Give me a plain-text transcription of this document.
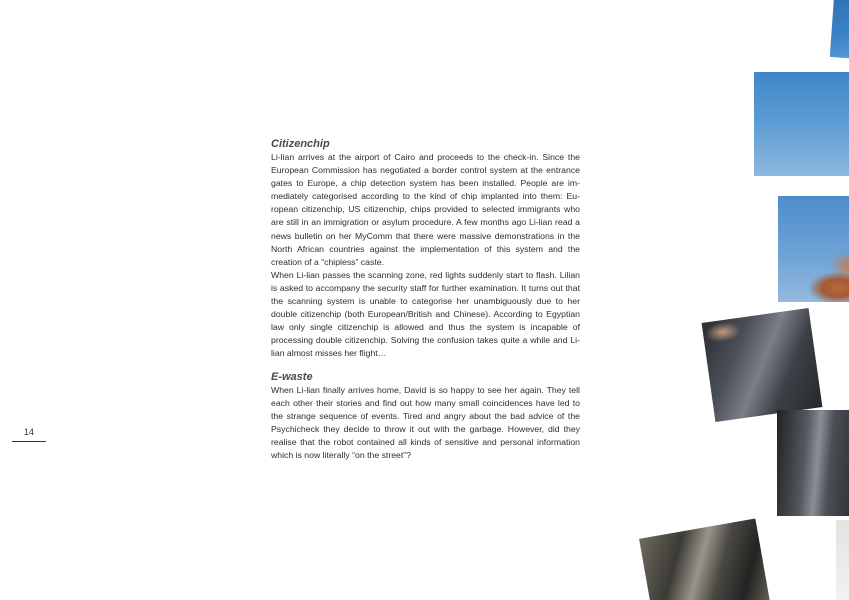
Citizenchip

Li-lian arrives at the airport of Cairo and proceeds to the check-in. Since the European Commission has negotiated a border control system at the entrance gates to Europe, a chip detection system has been installed. People are immediately categorised according to the kind of chip implanted into them: European citizenchip, US citizenchip, chips provided to selected immigrants who are still in an immigration or asylum procedure. A few months ago Li-lian read a news bulletin on her MyComm that there were massive demonstrations in the North African countries against the implementation of this system and the creation of a “chipless” caste.

When Li-lian passes the scanning zone, red lights suddenly start to flash. Lilian is asked to accompany the security staff for further examination. It turns out that the scanning system is unable to categorise her unambiguously due to her double citizenchip (both European/British and Chinese). According to Egyptian law only single citizenchip is allowed and thus the system is incapable of processing double citizenchip. Solving the confusion takes quite a while and Li-lian almost misses her flight…

E-waste

When Li-lian finally arrives home, David is so happy to see her again. They tell each other their stories and find out how many small coincidences have led to the strange sequence of events. Tired and angry about the bad advice of the Psychicheck they decide to throw it out with the garbage. However, did they realise that the robot contained all kinds of sensitive and personal information which is now literally “on the street”?

14
